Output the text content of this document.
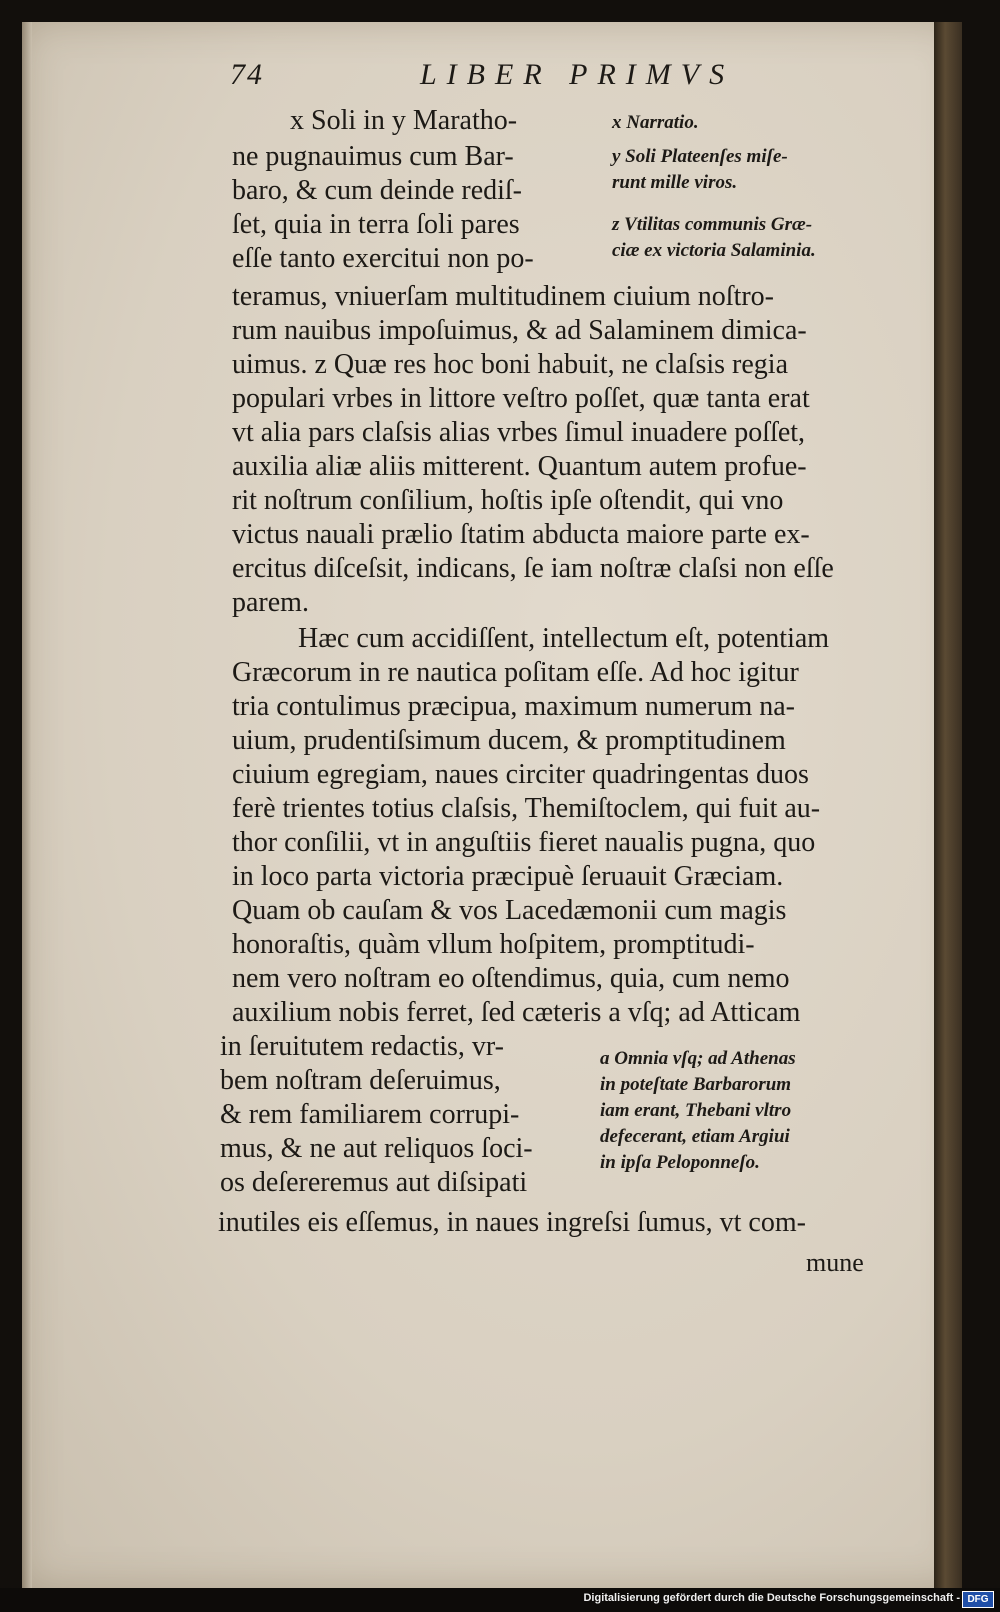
74	LIBER PRIMVS
x Soli in y Maratho-
ne pugnauimus cum Bar-
baro, & cum deinde rediſ-
ſet, quia in terra ſoli pares
eſſe tanto exercitui non po-
teramus, vniuerſam multitudinem ciuium noſtro-
rum nauibus impoſuimus, & ad Salaminem dimica-
uimus. z Quæ res hoc boni habuit, ne claſsis regia
populari vrbes in littore veſtro poſſet, quæ tanta erat
vt alia pars claſsis alias vrbes ſimul inuadere poſſet,
auxilia aliæ aliis mitterent. Quantum autem profue-
rit noſtrum conſilium, hoſtis ipſe oſtendit, qui vno
victus nauali prælio ſtatim abducta maiore parte ex-
ercitus diſceſsit, indicans, ſe iam noſtræ claſsi non eſſe
parem.
Hæc cum accidiſſent, intellectum eſt, potentiam
Græcorum in re nautica poſitam eſſe. Ad hoc igitur
tria contulimus præcipua, maximum numerum na-
uium, prudentiſsimum ducem, & promptitudinem
ciuium egregiam, naues circiter quadringentas duos
ferè trientes totius claſsis, Themiſtoclem, qui fuit au-
thor conſilii, vt in anguſtiis fieret naualis pugna, quo
in loco parta victoria præcipuè ſeruauit Græciam.
Quam ob cauſam & vos Lacedæmonii cum magis
honoraſtis, quàm vllum hoſpitem, promptitudi-
nem vero noſtram eo oſtendimus, quia, cum nemo
auxilium nobis ferret, ſed cæteris a vſq; ad Atticam
in ſeruitutem redactis, vr-
bem noſtram deſeruimus,
& rem familiarem corrupi-
mus, & ne aut reliquos ſoci-
os deſereremus aut diſsipati
inutiles eis eſſemus, in naues ingreſsi ſumus, vt com-
mune
x Narratio.
y Soli Plateenſes miſe-
runt mille viros.
z Vtilitas communis Græ-
ciæ ex victoria Salaminia.
a Omnia vſq; ad Athenas
in poteſtate Barbarorum
iam erant, Thebani vltro
defecerant, etiam Argiui
in ipſa Peloponneſo.
Digitalisierung gefördert durch die Deutsche Forschungsgemeinschaft - DFG
